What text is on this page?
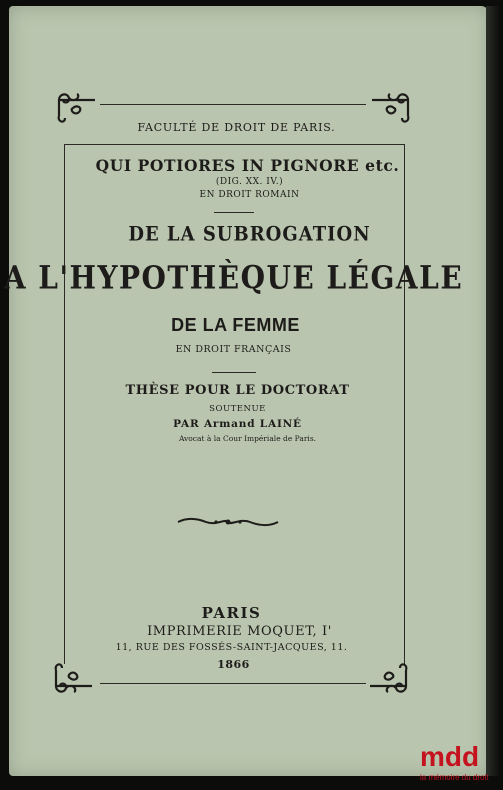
FACULTÉ DE DROIT DE PARIS.
QUI POTIORES IN PIGNORE etc.
(DIG. XX. IV.)
EN DROIT ROMAIN
DE LA SUBROGATION
A L'HYPOTHÈQUE LÉGALE
DE LA FEMME
EN DROIT FRANÇAIS
THÈSE POUR LE DOCTORAT
SOUTENUE
PAR Armand LAINÉ
Avocat à la Cour Impériale de Paris.
PARIS
IMPRIMERIE MOQUET, I'
11, RUE DES FOSSÉS-SAINT-JACQUES, 11.
1866
mdd
la mémoire du droit
